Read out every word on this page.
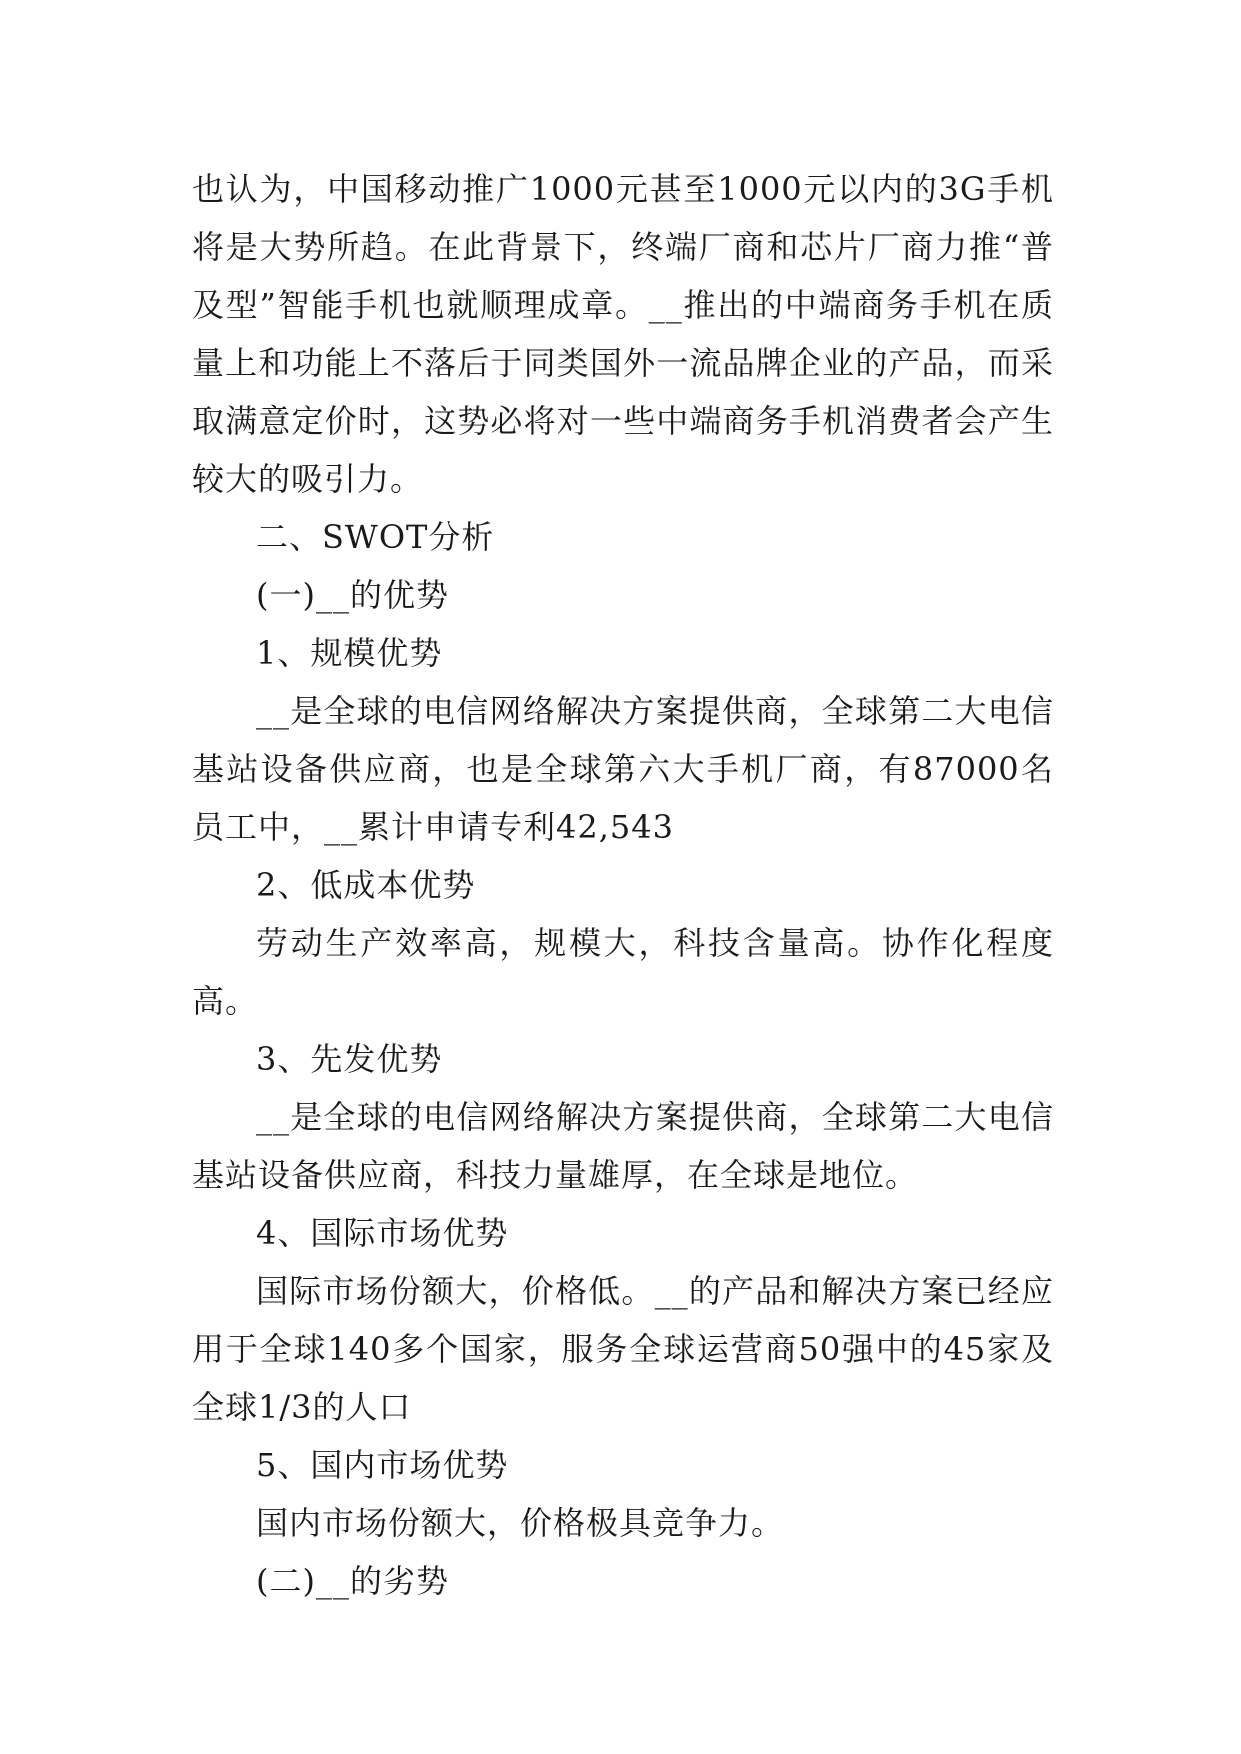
也认为，中国移动推广1000元甚至1000元以内的3G手机将是大势所趋。在此背景下，终端厂商和芯片厂商力推“普及型”智能手机也就顺理成章。__推出的中端商务手机在质量上和功能上不落后于同类国外一流品牌企业的产品，而采取满意定价时，这势必将对一些中端商务手机消费者会产生较大的吸引力。

二、SWOT分析

(一)__的优势

1、规模优势

__是全球的电信网络解决方案提供商，全球第二大电信基站设备供应商，也是全球第六大手机厂商，有87000名员工中，__累计申请专利42,543

2、低成本优势

劳动生产效率高，规模大，科技含量高。协作化程度高。

3、先发优势

__是全球的电信网络解决方案提供商，全球第二大电信基站设备供应商，科技力量雄厚，在全球是地位。

4、国际市场优势

国际市场份额大，价格低。__的产品和解决方案已经应用于全球140多个国家，服务全球运营商50强中的45家及全球1/3的人口

5、国内市场优势

国内市场份额大，价格极具竞争力。

(二)__的劣势
